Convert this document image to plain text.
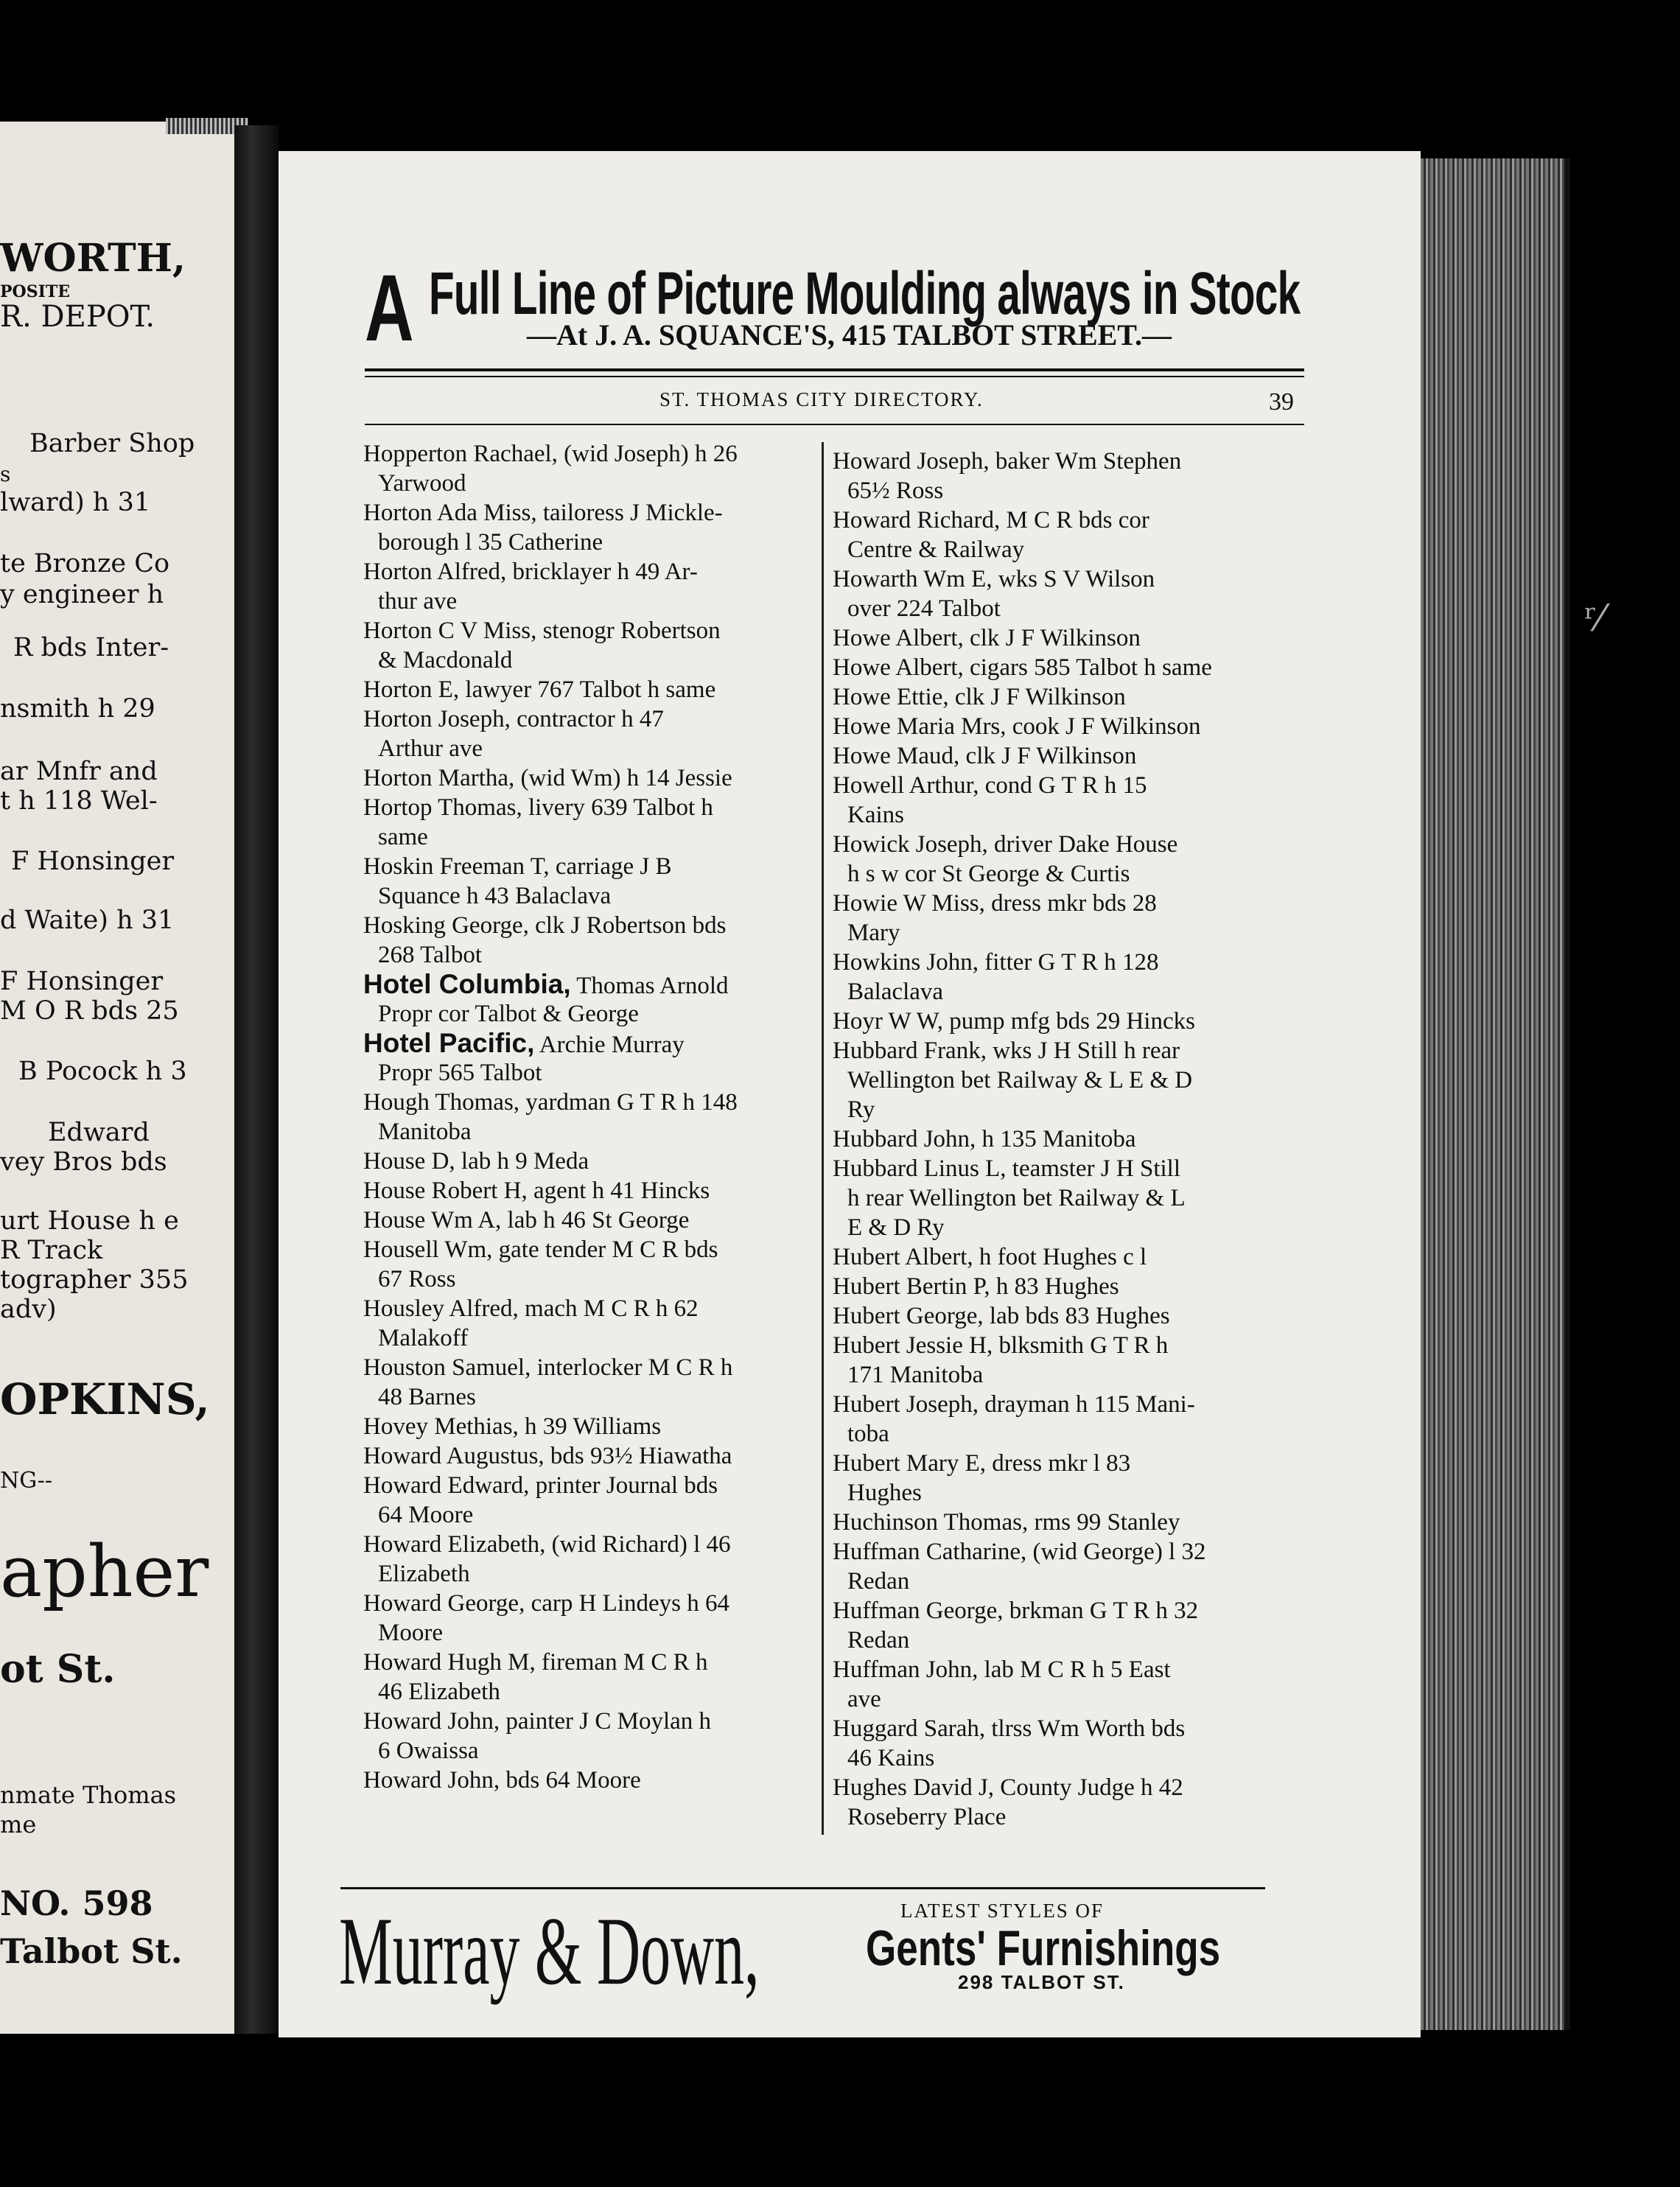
WORTH,
POSITE
R. DEPOT.
Barber Shop
s
lward) h 31
te Bronze Co
y engineer h
R bds Inter-
nsmith h 29
ar Mnfr and
t h 118 Wel-
F Honsinger
d Waite) h 31
F Honsinger
M O R bds 25
B Pocock h 3
Edward
vey Bros bds
urt House h e
R Track
tographer 355
adv)
OPKINS,
NG--
apher
ot St.
nmate Thomas
me
NO. 598
Talbot St.
A Full Line of Picture Moulding always in Stock
—At J. A. SQUANCE'S, 415 TALBOT STREET.—
ST. THOMAS CITY DIRECTORY.	39
Hopperton Rachael, (wid Joseph) h 26
Yarwood
Horton Ada Miss, tailoress J Mickle-
borough l 35 Catherine
Horton Alfred, bricklayer h 49 Ar-
thur ave
Horton C V Miss, stenogr Robertson
& Macdonald
Horton E, lawyer 767 Talbot h same
Horton Joseph, contractor h 47
Arthur ave
Horton Martha, (wid Wm) h 14 Jessie
Hortop Thomas, livery 639 Talbot h
same
Hoskin Freeman T, carriage J B
Squance h 43 Balaclava
Hosking George, clk J Robertson bds
268 Talbot
Hotel Columbia, Thomas Arnold
Propr cor Talbot & George
Hotel Pacific, Archie Murray
Propr 565 Talbot
Hough Thomas, yardman G T R h 148
Manitoba
House D, lab h 9 Meda
House Robert H, agent h 41 Hincks
House Wm A, lab h 46 St George
Housell Wm, gate tender M C R bds
67 Ross
Housley Alfred, mach M C R h 62
Malakoff
Houston Samuel, interlocker M C R h
48 Barnes
Hovey Methias, h 39 Williams
Howard Augustus, bds 93½ Hiawatha
Howard Edward, printer Journal bds
64 Moore
Howard Elizabeth, (wid Richard) l 46
Elizabeth
Howard George, carp H Lindeys h 64
Moore
Howard Hugh M, fireman M C R h
46 Elizabeth
Howard John, painter J C Moylan h
6 Owaissa
Howard John, bds 64 Moore
Howard Joseph, baker Wm Stephen
65½ Ross
Howard Richard, M C R bds cor
Centre & Railway
Howarth Wm E, wks S V Wilson
over 224 Talbot
Howe Albert, clk J F Wilkinson
Howe Albert, cigars 585 Talbot h same
Howe Ettie, clk J F Wilkinson
Howe Maria Mrs, cook J F Wilkinson
Howe Maud, clk J F Wilkinson
Howell Arthur, cond G T R h 15
Kains
Howick Joseph, driver Dake House
h s w cor St George & Curtis
Howie W Miss, dress mkr bds 28
Mary
Howkins John, fitter G T R h 128
Balaclava
Hoyr W W, pump mfg bds 29 Hincks
Hubbard Frank, wks J H Still h rear
Wellington bet Railway & L E & D
Ry
Hubbard John, h 135 Manitoba
Hubbard Linus L, teamster J H Still
h rear Wellington bet Railway & L
E & D Ry
Hubert Albert, h foot Hughes c l
Hubert Bertin P, h 83 Hughes
Hubert George, lab bds 83 Hughes
Hubert Jessie H, blksmith G T R h
171 Manitoba
Hubert Joseph, drayman h 115 Mani-
toba
Hubert Mary E, dress mkr l 83
Hughes
Huchinson Thomas, rms 99 Stanley
Huffman Catharine, (wid George) l 32
Redan
Huffman George, brkman G T R h 32
Redan
Huffman John, lab M C R h 5 East
ave
Huggard Sarah, tlrss Wm Worth bds
46 Kains
Hughes David J, County Judge h 42
Roseberry Place
Murray & Down,	LATEST STYLES OF
Gents' Furnishings
298 TALBOT ST.
ʳ⁄
